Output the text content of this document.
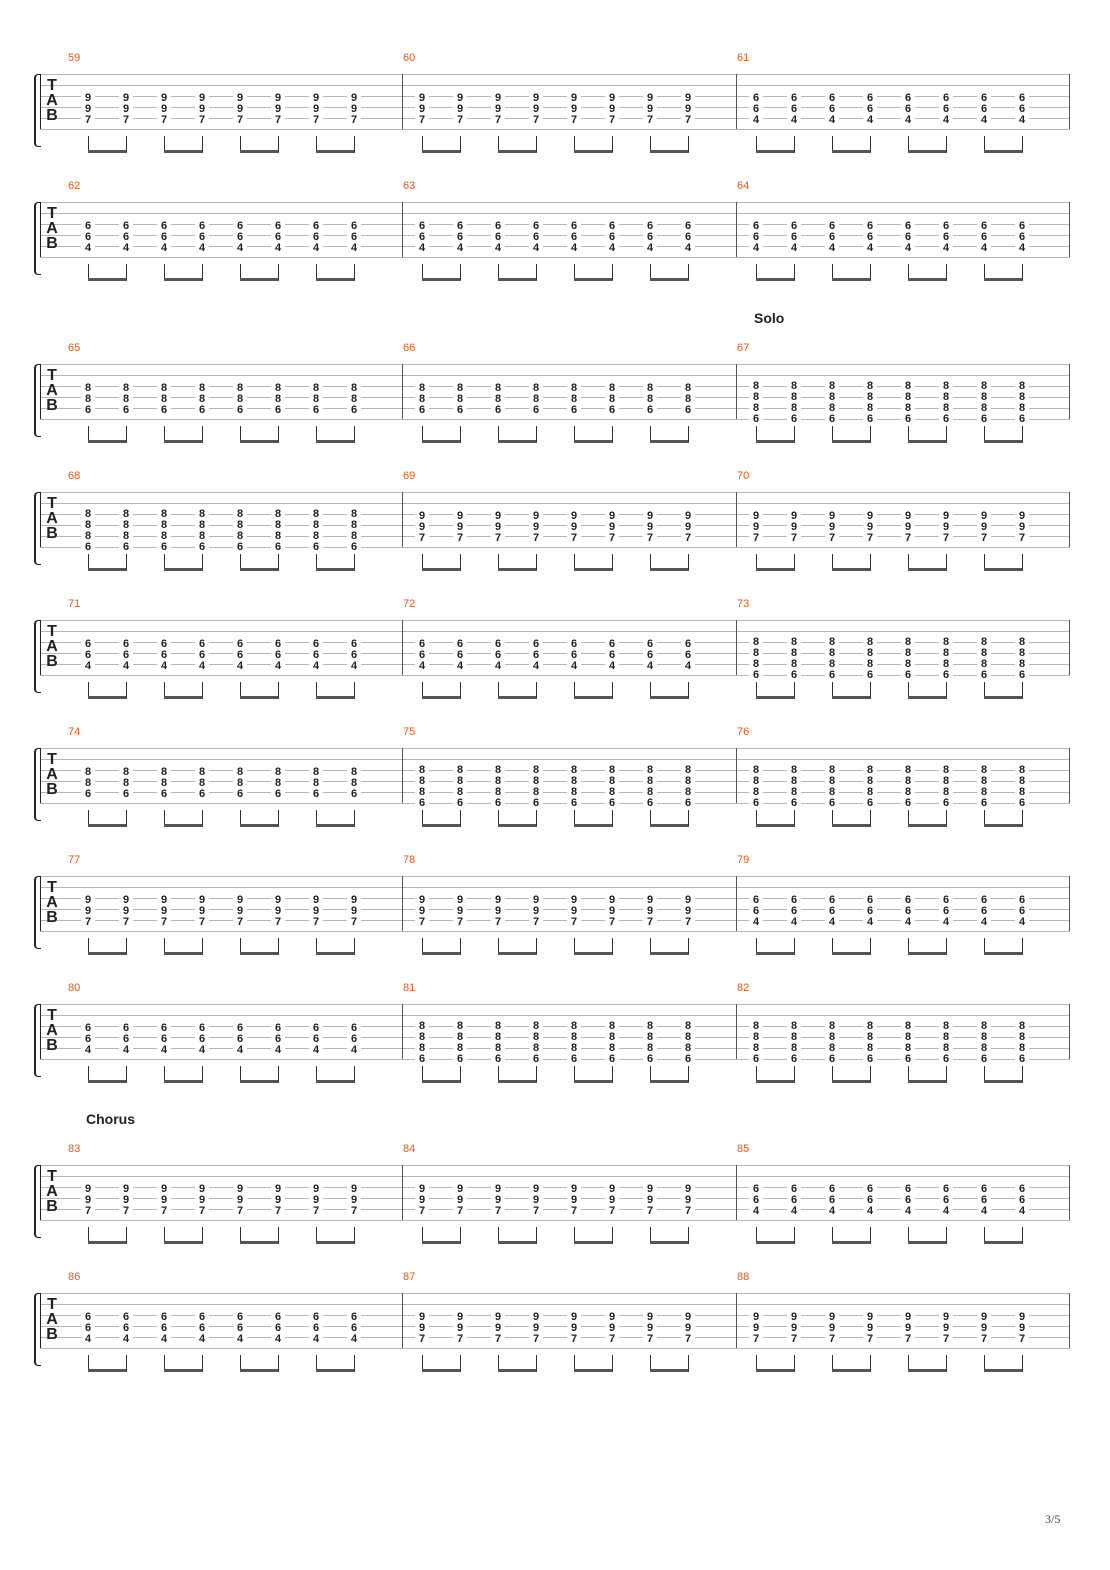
T
A
B
59
9
9
7
9
9
7
9
9
7
9
9
7
9
9
7
9
9
7
9
9
7
9
9
7
60
9
9
7
9
9
7
9
9
7
9
9
7
9
9
7
9
9
7
9
9
7
9
9
7
61
6
6
4
6
6
4
6
6
4
6
6
4
6
6
4
6
6
4
6
6
4
6
6
4
T
A
B
62
6
6
4
6
6
4
6
6
4
6
6
4
6
6
4
6
6
4
6
6
4
6
6
4
63
6
6
4
6
6
4
6
6
4
6
6
4
6
6
4
6
6
4
6
6
4
6
6
4
64
6
6
4
6
6
4
6
6
4
6
6
4
6
6
4
6
6
4
6
6
4
6
6
4
T
A
B
65
8
8
6
8
8
6
8
8
6
8
8
6
8
8
6
8
8
6
8
8
6
8
8
6
66
8
8
6
8
8
6
8
8
6
8
8
6
8
8
6
8
8
6
8
8
6
8
8
6
67
8
8
8
6
8
8
8
6
8
8
8
6
8
8
8
6
8
8
8
6
8
8
8
6
8
8
8
6
8
8
8
6
Solo
T
A
B
68
8
8
8
6
8
8
8
6
8
8
8
6
8
8
8
6
8
8
8
6
8
8
8
6
8
8
8
6
8
8
8
6
69
9
9
7
9
9
7
9
9
7
9
9
7
9
9
7
9
9
7
9
9
7
9
9
7
70
9
9
7
9
9
7
9
9
7
9
9
7
9
9
7
9
9
7
9
9
7
9
9
7
T
A
B
71
6
6
4
6
6
4
6
6
4
6
6
4
6
6
4
6
6
4
6
6
4
6
6
4
72
6
6
4
6
6
4
6
6
4
6
6
4
6
6
4
6
6
4
6
6
4
6
6
4
73
8
8
8
6
8
8
8
6
8
8
8
6
8
8
8
6
8
8
8
6
8
8
8
6
8
8
8
6
8
8
8
6
T
A
B
74
8
8
6
8
8
6
8
8
6
8
8
6
8
8
6
8
8
6
8
8
6
8
8
6
75
8
8
8
6
8
8
8
6
8
8
8
6
8
8
8
6
8
8
8
6
8
8
8
6
8
8
8
6
8
8
8
6
76
8
8
8
6
8
8
8
6
8
8
8
6
8
8
8
6
8
8
8
6
8
8
8
6
8
8
8
6
8
8
8
6
T
A
B
77
9
9
7
9
9
7
9
9
7
9
9
7
9
9
7
9
9
7
9
9
7
9
9
7
78
9
9
7
9
9
7
9
9
7
9
9
7
9
9
7
9
9
7
9
9
7
9
9
7
79
6
6
4
6
6
4
6
6
4
6
6
4
6
6
4
6
6
4
6
6
4
6
6
4
T
A
B
80
6
6
4
6
6
4
6
6
4
6
6
4
6
6
4
6
6
4
6
6
4
6
6
4
81
8
8
8
6
8
8
8
6
8
8
8
6
8
8
8
6
8
8
8
6
8
8
8
6
8
8
8
6
8
8
8
6
82
8
8
8
6
8
8
8
6
8
8
8
6
8
8
8
6
8
8
8
6
8
8
8
6
8
8
8
6
8
8
8
6
T
A
B
83
9
9
7
9
9
7
9
9
7
9
9
7
9
9
7
9
9
7
9
9
7
9
9
7
84
9
9
7
9
9
7
9
9
7
9
9
7
9
9
7
9
9
7
9
9
7
9
9
7
85
6
6
4
6
6
4
6
6
4
6
6
4
6
6
4
6
6
4
6
6
4
6
6
4
Chorus
T
A
B
86
6
6
4
6
6
4
6
6
4
6
6
4
6
6
4
6
6
4
6
6
4
6
6
4
87
9
9
7
9
9
7
9
9
7
9
9
7
9
9
7
9
9
7
9
9
7
9
9
7
88
9
9
7
9
9
7
9
9
7
9
9
7
9
9
7
9
9
7
9
9
7
9
9
7
3/5
